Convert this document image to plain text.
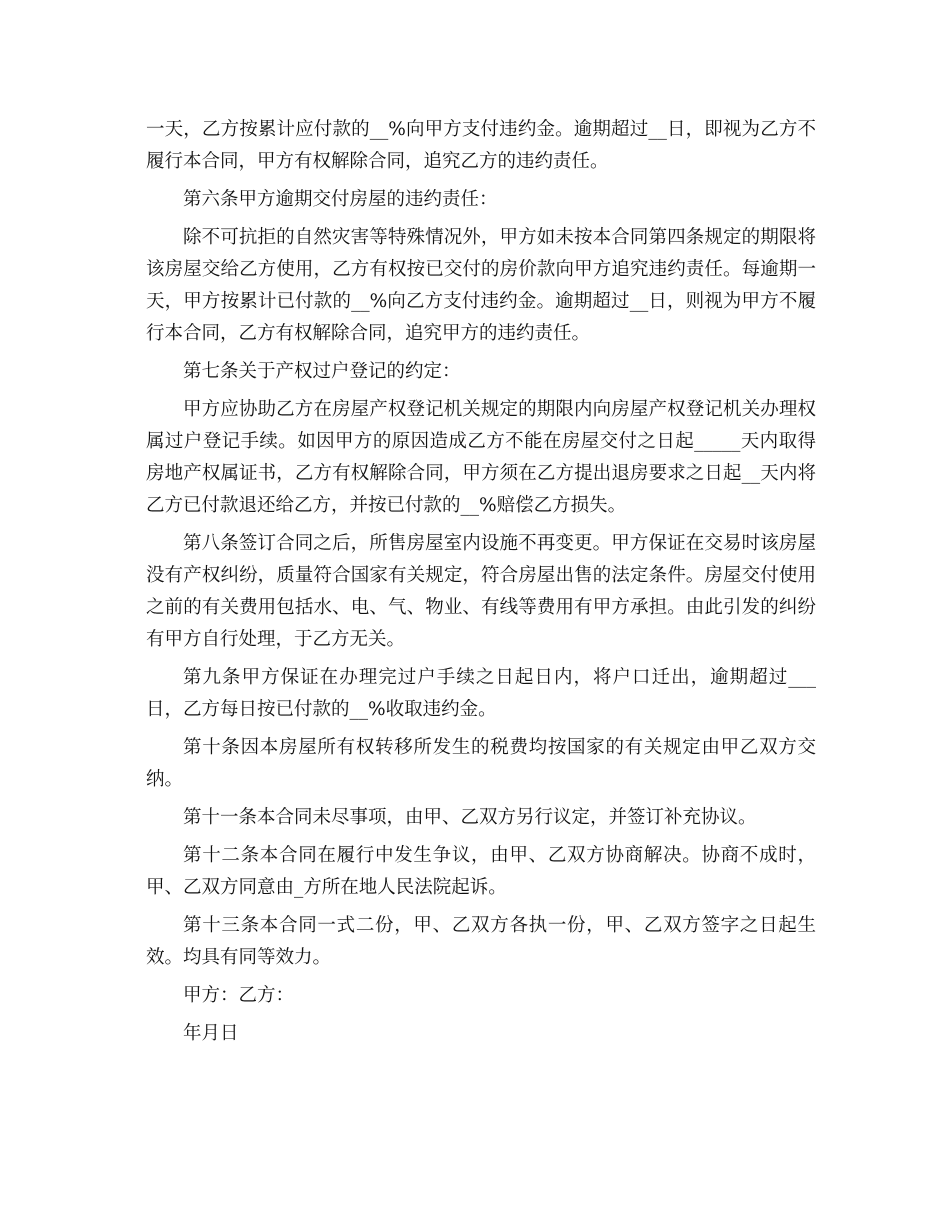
一天，乙方按累计应付款的__%向甲方支付违约金。逾期超过__日，即视为乙方不履行本合同，甲方有权解除合同，追究乙方的违约责任。

第六条甲方逾期交付房屋的违约责任：

除不可抗拒的自然灾害等特殊情况外，甲方如未按本合同第四条规定的期限将该房屋交给乙方使用，乙方有权按已交付的房价款向甲方追究违约责任。每逾期一天，甲方按累计已付款的__%向乙方支付违约金。逾期超过__日，则视为甲方不履行本合同，乙方有权解除合同，追究甲方的违约责任。

第七条关于产权过户登记的约定：

甲方应协助乙方在房屋产权登记机关规定的期限内向房屋产权登记机关办理权属过户登记手续。如因甲方的原因造成乙方不能在房屋交付之日起_____天内取得房地产权属证书，乙方有权解除合同，甲方须在乙方提出退房要求之日起__天内将乙方已付款退还给乙方，并按已付款的__%赔偿乙方损失。

第八条签订合同之后，所售房屋室内设施不再变更。甲方保证在交易时该房屋没有产权纠纷，质量符合国家有关规定，符合房屋出售的法定条件。房屋交付使用之前的有关费用包括水、电、气、物业、有线等费用有甲方承担。由此引发的纠纷有甲方自行处理，于乙方无关。

第九条甲方保证在办理完过户手续之日起日内，将户口迁出，逾期超过___日，乙方每日按已付款的__%收取违约金。

第十条因本房屋所有权转移所发生的税费均按国家的有关规定由甲乙双方交纳。

第十一条本合同未尽事项，由甲、乙双方另行议定，并签订补充协议。

第十二条本合同在履行中发生争议，由甲、乙双方协商解决。协商不成时，甲、乙双方同意由_方所在地人民法院起诉。

第十三条本合同一式二份，甲、乙双方各执一份，甲、乙双方签字之日起生效。均具有同等效力。

甲方：乙方：

年月日
